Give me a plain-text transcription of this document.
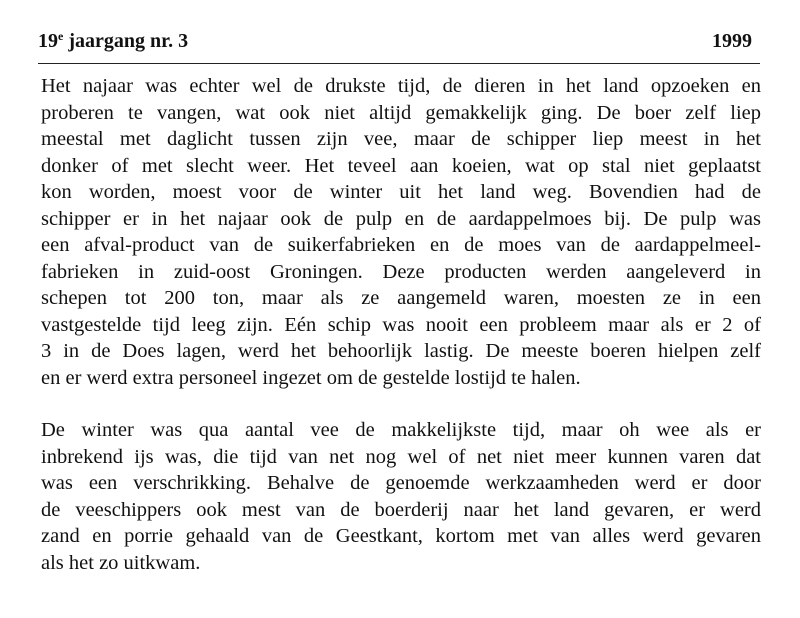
19e jaargang nr. 3	1999
Het najaar was echter wel de drukste tijd, de dieren in het land opzoeken en
proberen te vangen, wat ook niet altijd gemakkelijk ging. De boer zelf liep
meestal met daglicht tussen zijn vee, maar de schipper liep meest in het
donker of met slecht weer. Het teveel aan koeien, wat op stal niet geplaatst
kon worden, moest voor de winter uit het land weg. Bovendien had de
schipper er in het najaar ook de pulp en de aardappelmoes bij. De pulp was
een afval-product van de suikerfabrieken en de moes van de aardappelmeel-
fabrieken in zuid-oost Groningen. Deze producten werden aangeleverd in
schepen tot 200 ton, maar als ze aangemeld waren, moesten ze in een
vastgestelde tijd leeg zijn. Eén schip was nooit een probleem maar als er 2 of
3 in de Does lagen, werd het behoorlijk lastig. De meeste boeren hielpen zelf
en er werd extra personeel ingezet om de gestelde lostijd te halen.
De winter was qua aantal vee de makkelijkste tijd, maar oh wee als er
inbrekend ijs was, die tijd van net nog wel of net niet meer kunnen varen dat
was een verschrikking. Behalve de genoemde werkzaamheden werd er door
de veeschippers ook mest van de boerderij naar het land gevaren, er werd
zand en porrie gehaald van de Geestkant, kortom met van alles werd gevaren
als het zo uitkwam.
